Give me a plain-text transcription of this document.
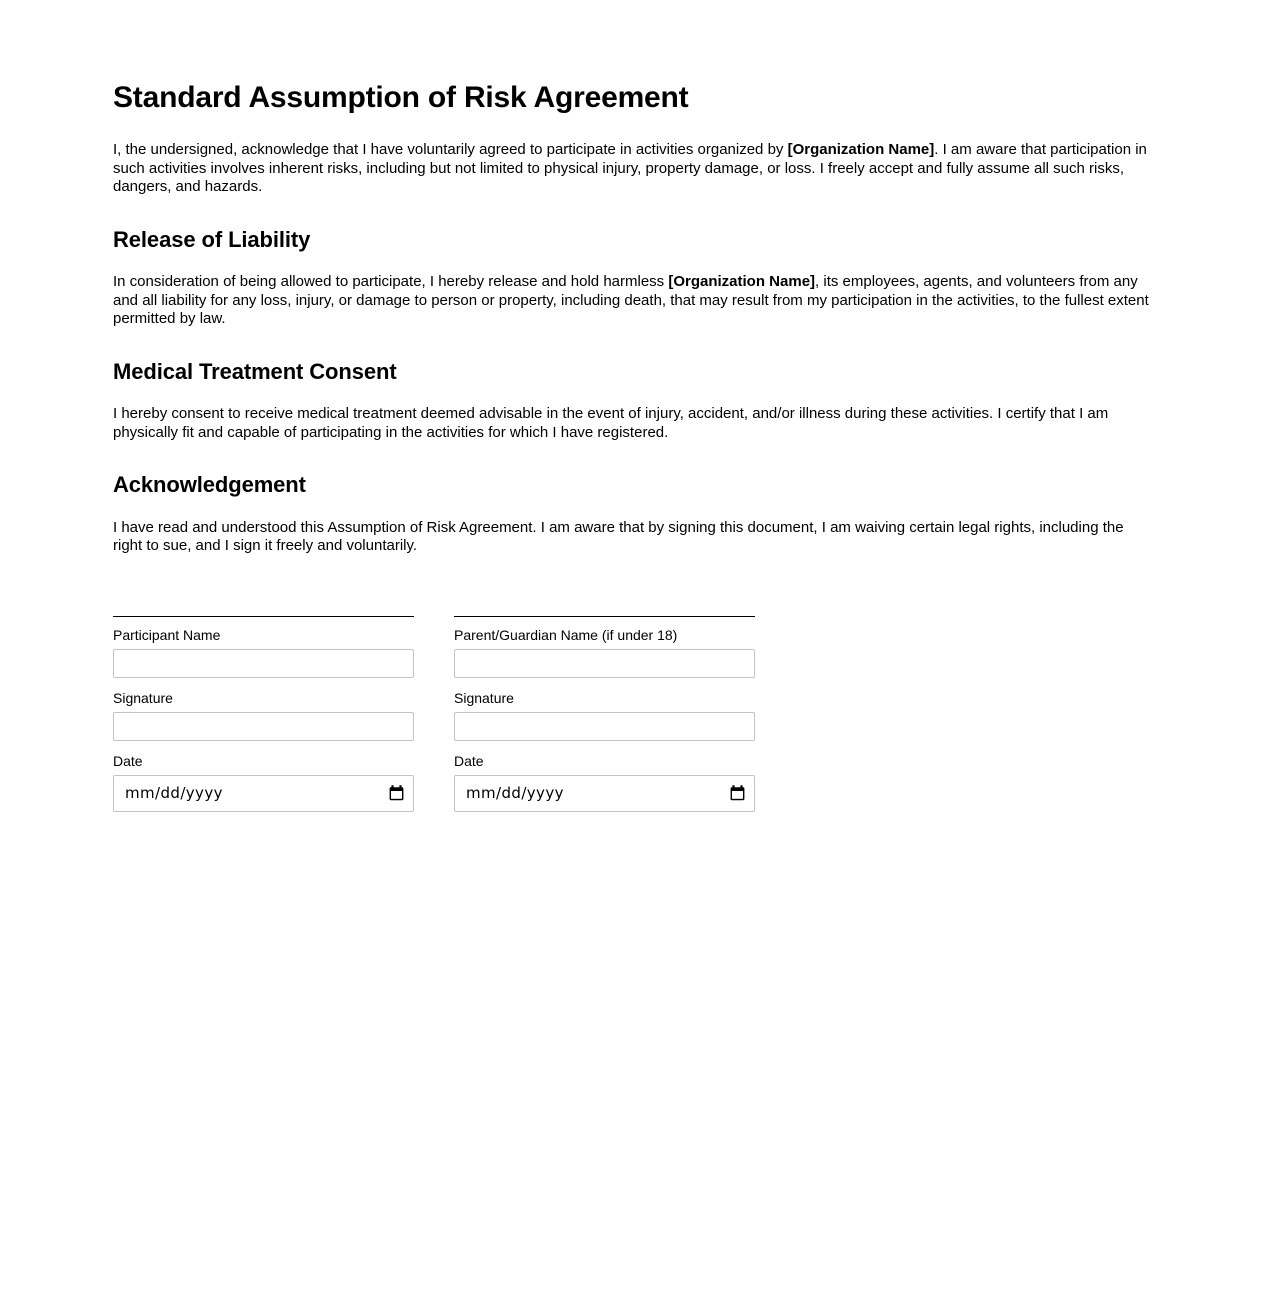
Standard Assumption of Risk Agreement

I, the undersigned, acknowledge that I have voluntarily agreed to participate in activities organized by [Organization Name]. I am aware that participation in such activities involves inherent risks, including but not limited to physical injury, property damage, or loss. I freely accept and fully assume all such risks, dangers, and hazards.

Release of Liability

In consideration of being allowed to participate, I hereby release and hold harmless [Organization Name], its employees, agents, and volunteers from any and all liability for any loss, injury, or damage to person or property, including death, that may result from my participation in the activities, to the fullest extent permitted by law.

Medical Treatment Consent

I hereby consent to receive medical treatment deemed advisable in the event of injury, accident, and/or illness during these activities. I certify that I am physically fit and capable of participating in the activities for which I have registered.

Acknowledgement

I have read and understood this Assumption of Risk Agreement. I am aware that by signing this document, I am waiving certain legal rights, including the right to sue, and I sign it freely and voluntarily.

Participant Name
Signature
Date
mm/dd/yyyy
Parent/Guardian Name (if under 18)
Signature
Date
mm/dd/yyyy
